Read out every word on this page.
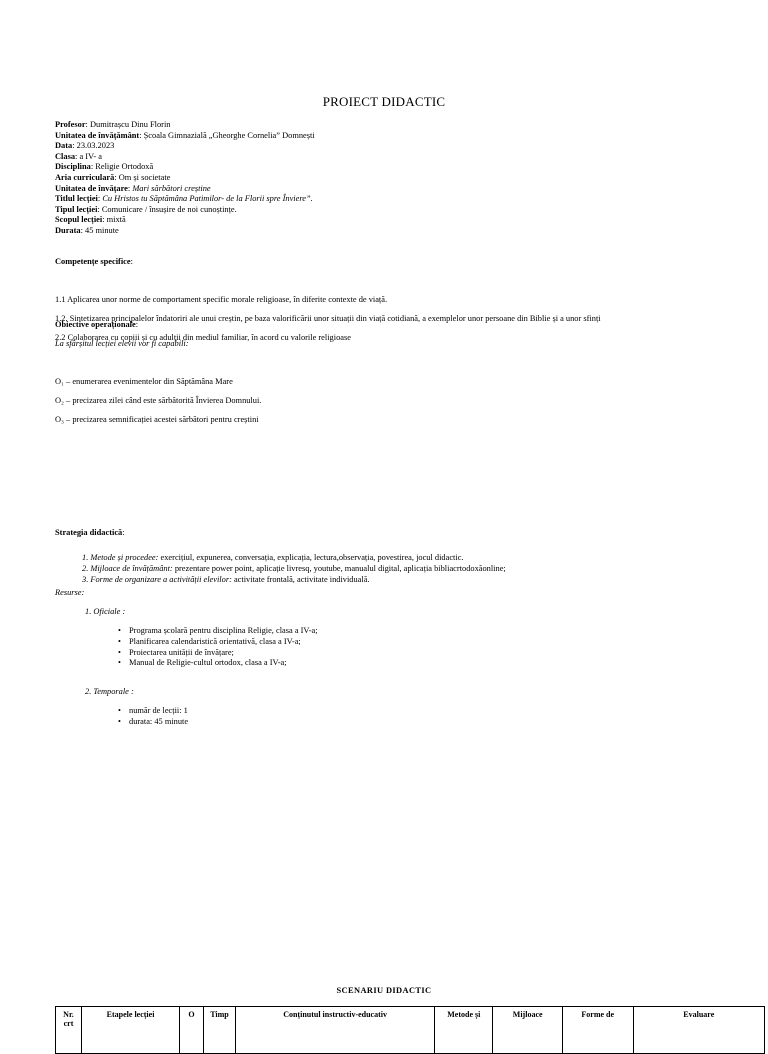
PROIECT DIDACTIC

Profesor: Dumitrașcu Dinu Florin

Unitatea de învățământ: Școala Gimnazială „Gheorghe Cornelia” Domnești

Data: 23.03.2023

Clasa: a IV- a

Disciplina: Religie Ortodoxă

Aria curriculară: Om și societate

Unitatea de învățare: Mari sărbători creștine

Titlul lecției: Cu Hristos tu Săptămâna Patimilor- de la Florii spre Înviere”.

Tipul lecției: Comunicare / însușire de noi cunoștințe.

Scopul lecției: mixtă

Durata: 45 minute

Competențe specifice:

1.1 Aplicarea unor norme de comportament specific morale religioase, în diferite contexte de viață.

1.2. Sintetizarea principalelor îndatoriri ale unui creștin, pe baza valorificării unor situații din viață cotidiană, a exemplelor unor persoane din Biblie și a unor sfinți

2.2 Colaborarea cu copiii și cu adulții din mediul familiar, în acord cu valorile religioase

Obiective operaționale:

La sfârșitul lecției elevii vor fi capabili:

O₁ – enumerarea evenimentelor din Săptămâna Mare

O₂ – precizarea zilei când este sărbătorită Învierea Domnului.

O₃ – precizarea semnificației acestei sărbători pentru creștini

Strategia didactică:

1. Metode și procedee: exercițiul, expunerea, conversația, explicația, lectura,observația, povestirea, jocul didactic.

2. Mijloace de învățământ: prezentare power point, aplicație livresq, youtube, manualul digital, aplicația bibliacrtodoxăonline;

3. Forme de organizare a activității elevilor: activitate frontală, activitate individuală.

Resurse:

1. Oficiale :

• Programa școlară pentru disciplina Religie, clasa a IV-a;
• Planificarea calendaristică orientativă, clasa a IV-a;
• Proiectarea unității de învățare;
• Manual de Religie-cultul ortodox, clasa a IV-a;

2. Temporale :

• număr de lecții: 1
• durata: 45 minute
SCENARIU DIDACTIC
Nr. crt	Etapele lecției	O	Timp	Conținutul instructiv-educativ	Metode și	Mijloace	Forme de	Evaluare
